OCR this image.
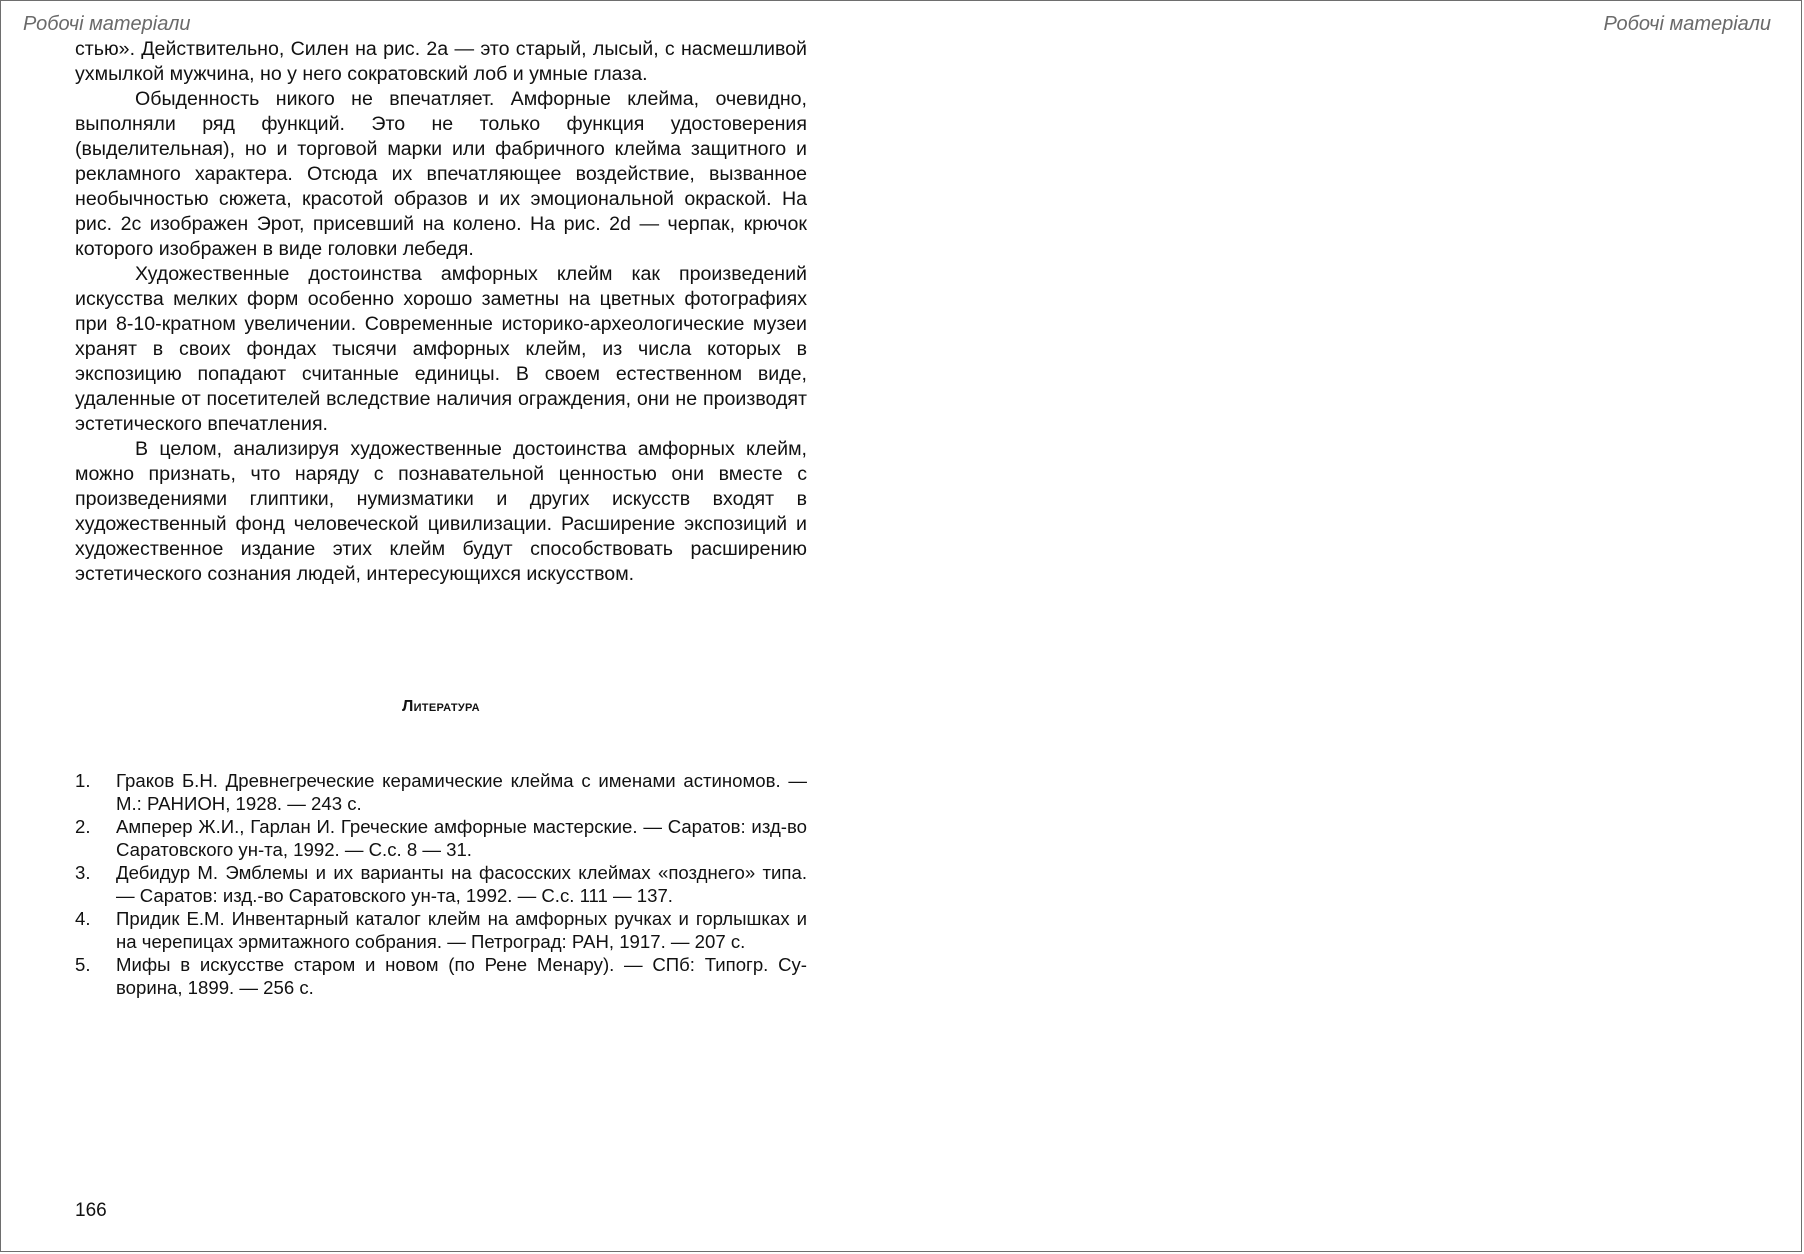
Робочі матеріали	Робочі матеріали

стью». Действительно, Силен на рис. 2a — это старый, лысый, с насмешливой ухмылкой мужчина, но у него сократовский лоб и умные глаза.

Обыденность никого не впечатляет. Амфорные клейма, очевидно, выполняли ряд функций. Это не только функция удостоверения (выделительная), но и торговой марки или фабричного клейма защитного и рекламного характера. Отсюда их впечатляющее воздействие, вызванное необычностью сюжета, красотой образов и их эмоциональной окраской. На рис. 2c изображен Эрот, присевший на колено. На рис. 2d — черпак, крючок которого изображен в виде головки лебедя.

Художественные достоинства амфорных клейм как произведений искусства мелких форм особенно хорошо заметны на цветных фотографиях при 8-10-кратном увеличении. Современные историко-археологические музеи хранят в своих фондах тысячи амфорных клейм, из числа которых в экспозицию попадают считанные единицы. В своем естественном виде, удаленные от посетителей вследствие наличия ограждения, они не производят эстетического впечатления.

В целом, анализируя художественные достоинства амфорных клейм, можно признать, что наряду с познавательной ценностью они вместе с произведениями глиптики, нумизматики и других искусств входят в художественный фонд человеческой цивилизации. Расширение экспозиций и художественное издание этих клейм будут способствовать расширению эстетического сознания людей, интересующихся искусством.

Литература
1.	Граков Б.Н. Древнегреческие керамические клейма с именами астиномов. — М.: РАНИОН, 1928. — 243 с.
2.	Амперер Ж.И., Гарлан И. Греческие амфорные мастерские. — Саратов: изд-во Саратовского ун-та, 1992. — С.с. 8 — 31.
3.	Дебидур М. Эмблемы и их варианты на фасосских клеймах «позднего» типа. — Саратов: изд.-во Саратовского ун-та, 1992. — С.с. 111 — 137.
4.	Придик Е.М. Инвентарный каталог клейм на амфорных ручках и горлышках и на черепицах эрмитажного собрания. — Петроград: РАН, 1917. — 207 с.
5.	Мифы в искусстве старом и новом (по Рене Менару). — СПб: Типогр. Суворина, 1899. — 256 с.
166
